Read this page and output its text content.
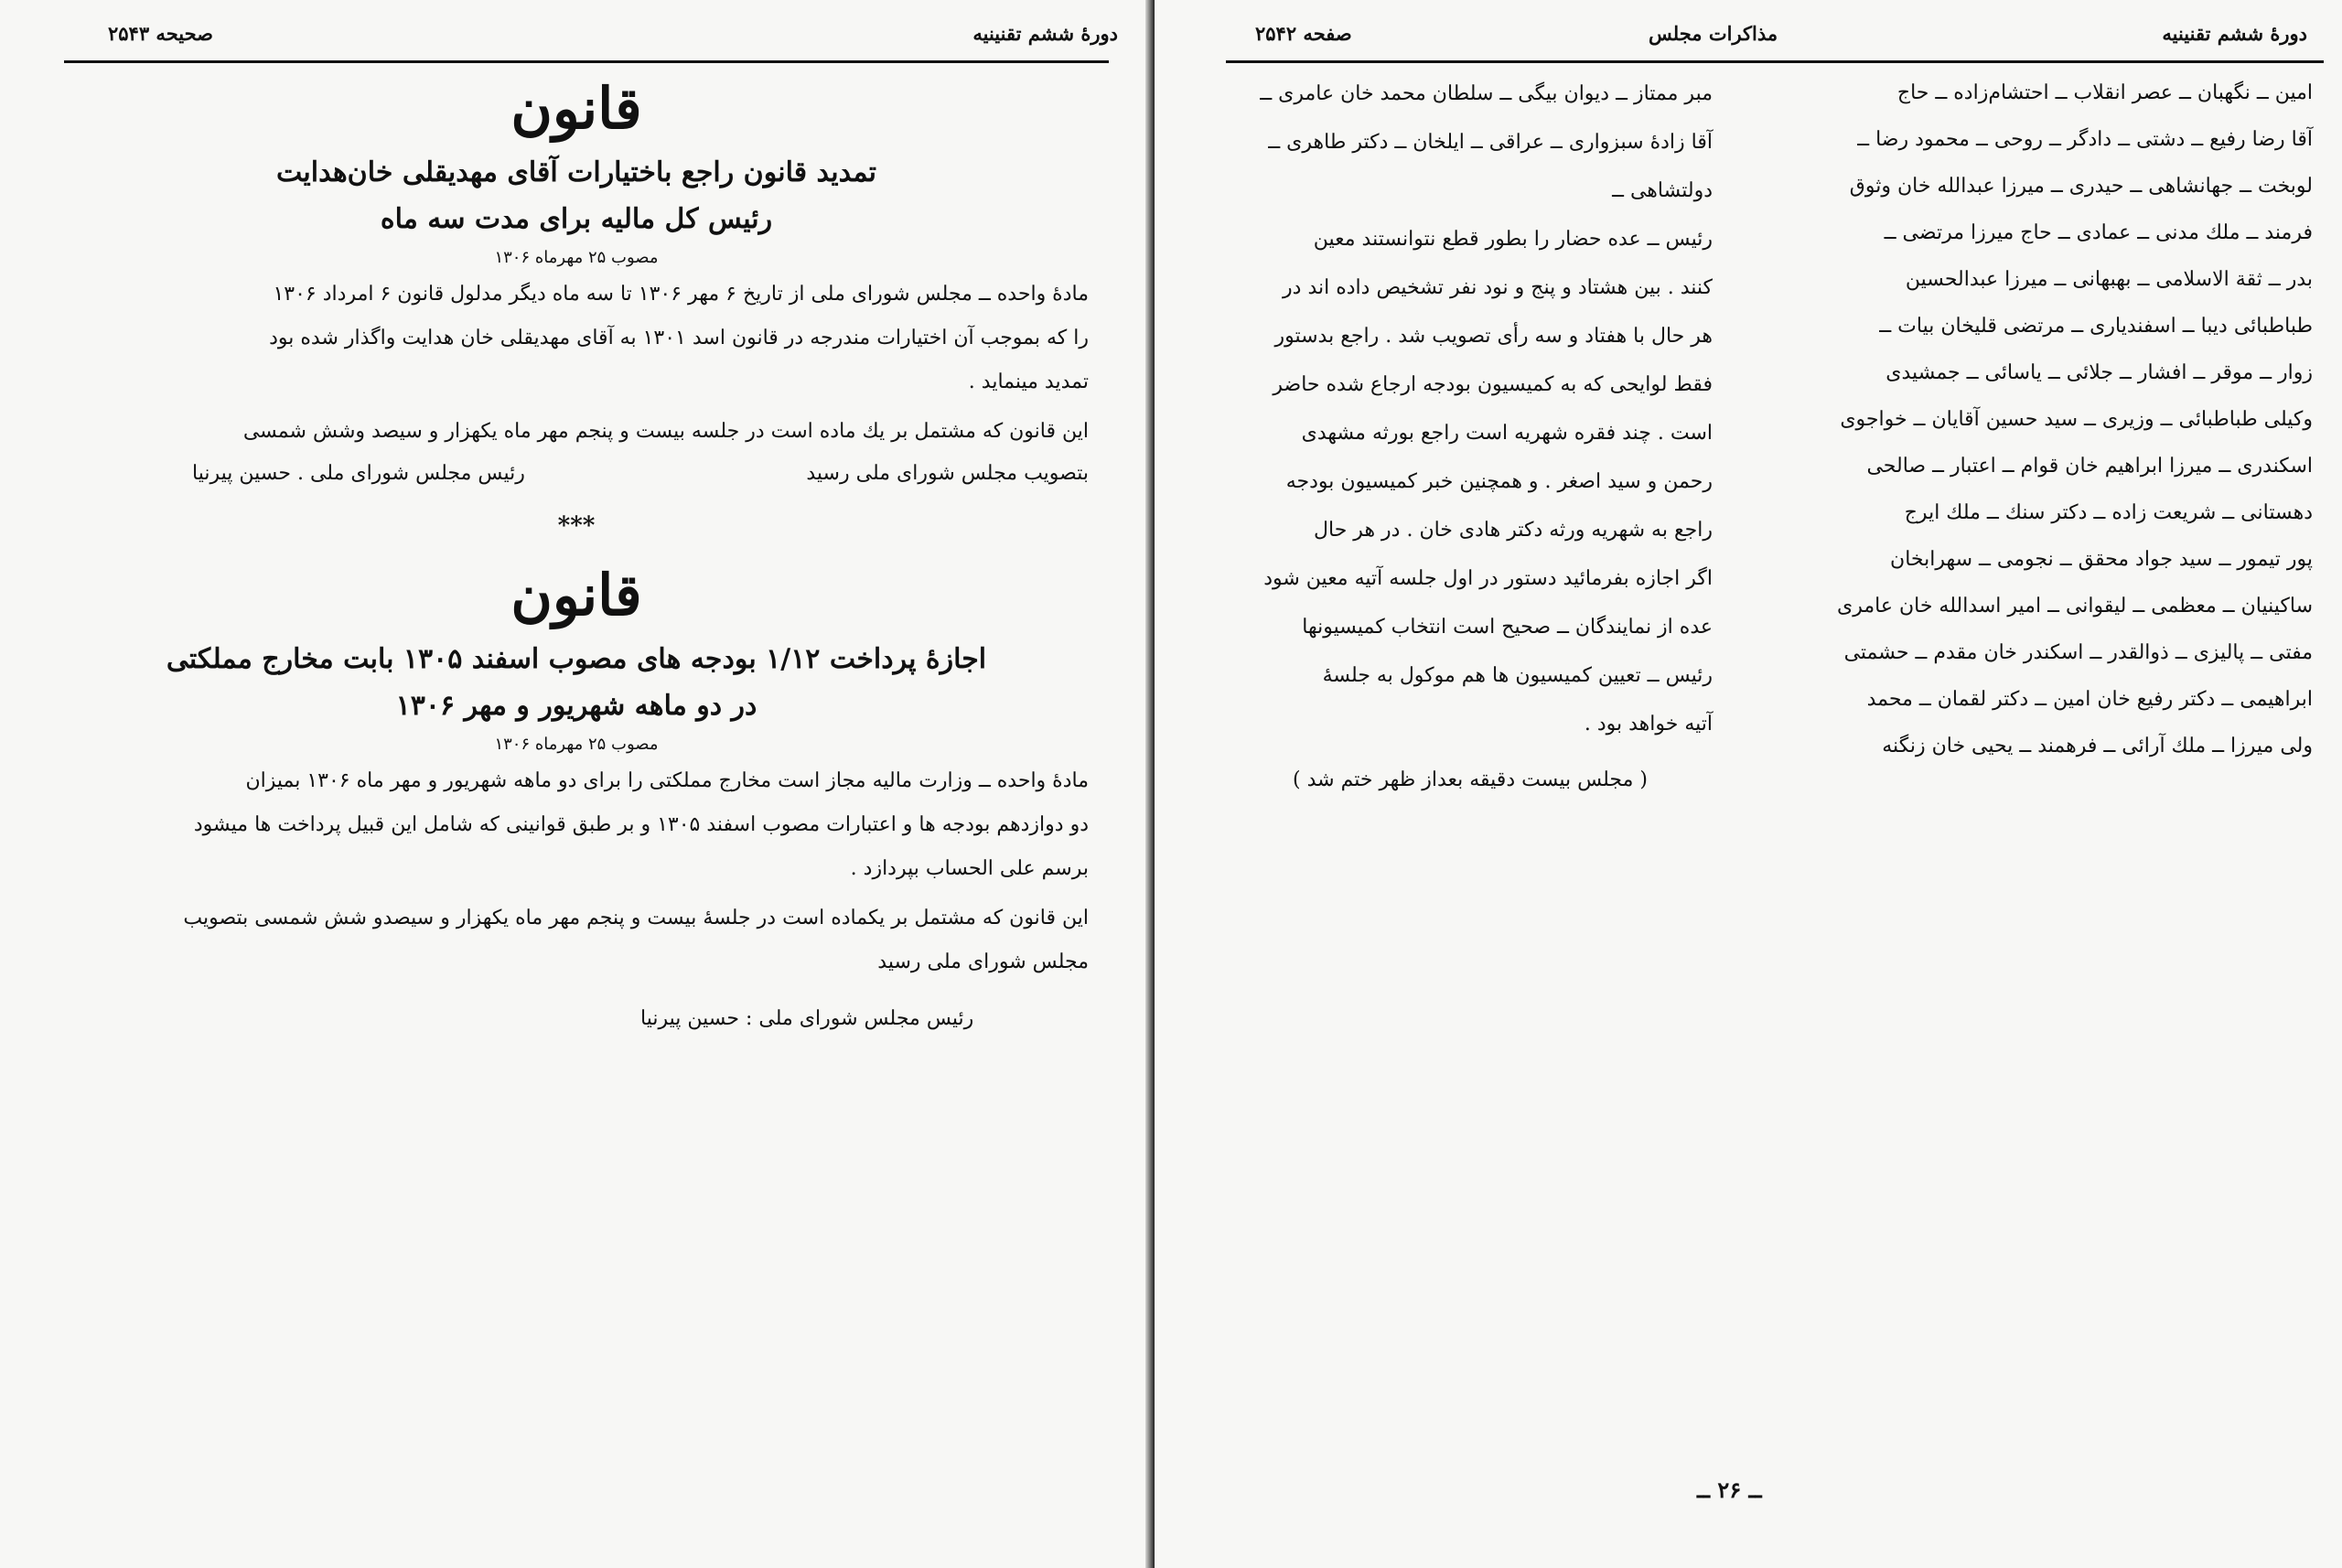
صحیحه ۲۵۴۳	دورۀ ششم تقنینیه
قانون
تمدید قانون راجع باختیارات آقای مهدیقلی خان‌هدایت
رئیس کل مالیه برای مدت سه ماه
مصوب ۲۵ مهرماه ۱۳۰۶

مادۀ واحده ــ مجلس شورای ملی از تاریخ ۶ مهر ۱۳۰۶ تا سه ماه دیگر مدلول قانون ۶ امرداد ۱۳۰۶
را که بموجب آن اختیارات مندرجه در قانون اسد ۱۳۰۱ به آقای مهدیقلی خان هدایت واگذار شده بود
تمدید مینماید .

این قانون که مشتمل بر یك ماده است در جلسه بیست و پنجم مهر ماه یکهزار و سیصد وشش شمسی

بتصویب مجلس شورای ملی رسید
رئیس مجلس شورای ملی . حسین پیرنیا
***
قانون
اجازۀ پرداخت ۱/۱۲ بودجه های مصوب اسفند ۱۳۰۵ بابت مخارج مملکتی
در دو ماهه شهریور و مهر ۱۳۰۶
مصوب ۲۵ مهرماه ۱۳۰۶

مادۀ واحده ــ وزارت مالیه مجاز است مخارج مملکتی را برای دو ماهه شهریور و مهر ماه ۱۳۰۶ بمیزان
دو دوازدهم بودجه ها و اعتبارات مصوب اسفند ۱۳۰۵ و بر طبق قوانینی که شامل این قبیل پرداخت ها میشود
برسم علی الحساب بپردازد .

این قانون که مشتمل بر یکماده است در جلسۀ بیست و پنجم مهر ماه یکهزار و سیصدو شش شمسی بتصویب
مجلس شورای ملی رسید

رئیس مجلس شورای ملی : حسین پیرنیا
صفحه ۲۵۴۲	مذاکرات مجلس	دورۀ ششم تقنینیه
امین ــ نگهبان ــ عصر انقلاب ــ احتشام‌زاده ــ حاج
آقا رضا رفیع ــ دشتی ــ دادگر ــ روحی ــ محمود رضا ــ
لوبخت ــ جهانشاهی ــ حیدری ــ میرزا عبدالله خان وثوق
فرمند ــ ملك مدنی ــ عمادی ــ حاج میرزا مرتضی ــ
بدر ــ ثقة الاسلامی ــ بهبهانی ــ میرزا عبدالحسین
طباطبائی دیبا ــ اسفندیاری ــ مرتضی قلیخان بیات ــ
زوار ــ موقر ــ افشار ــ جلائی ــ یاسائی ــ جمشیدی
وکیلی طباطبائی ــ وزیری ــ سید حسین آقایان ــ خواجوی
اسکندری ــ میرزا ابراهیم خان قوام ــ اعتبار ــ صالحی
دهستانی ــ شریعت زاده ــ دکتر سنك ــ ملك ایرج
پور تیمور ــ سید جواد محقق ــ نجومی ــ سهرابخان
ساکینیان ــ معظمی ــ لیقوانی ــ امیر اسدالله خان عامری
مفتی ــ پالیزی ــ ذوالقدر ــ اسکندر خان مقدم ــ حشمتی
ابراهیمی ــ دکتر رفیع خان امین ــ دکتر لقمان ــ محمد
ولی میرزا ــ ملك آرائی ــ فرهمند ــ یحیی خان زنگنه
مبر ممتاز ــ دیوان بیگی ــ سلطان محمد خان عامری ــ
آقا زادۀ سبزواری ــ عراقی ــ ایلخان ــ دکتر طاهری ــ
دولتشاهی ــ
رئیس ــ عده حضار را بطور قطع نتوانستند معین
کنند . بین هشتاد و پنج و نود نفر تشخیص داده اند در
هر حال با هفتاد و سه رأی تصویب شد . راجع بدستور
فقط لوایحی که به کمیسیون بودجه ارجاع شده حاضر
است . چند فقره شهریه است راجع بورثه مشهدی
رحمن و سید اصغر . و همچنین خبر کمیسیون بودجه
راجع به شهریه ورثه دکتر هادی خان . در هر حال
اگر اجازه بفرمائید دستور در اول جلسه آتیه معین شود
عده از نمایندگان ــ صحیح است انتخاب کمیسیونها
رئیس ــ تعیین کمیسیون ها هم موکول به جلسۀ
آتیه خواهد بود .
( مجلس بیست دقیقه بعداز ظهر ختم شد )
ــ ۲۶ ــ
